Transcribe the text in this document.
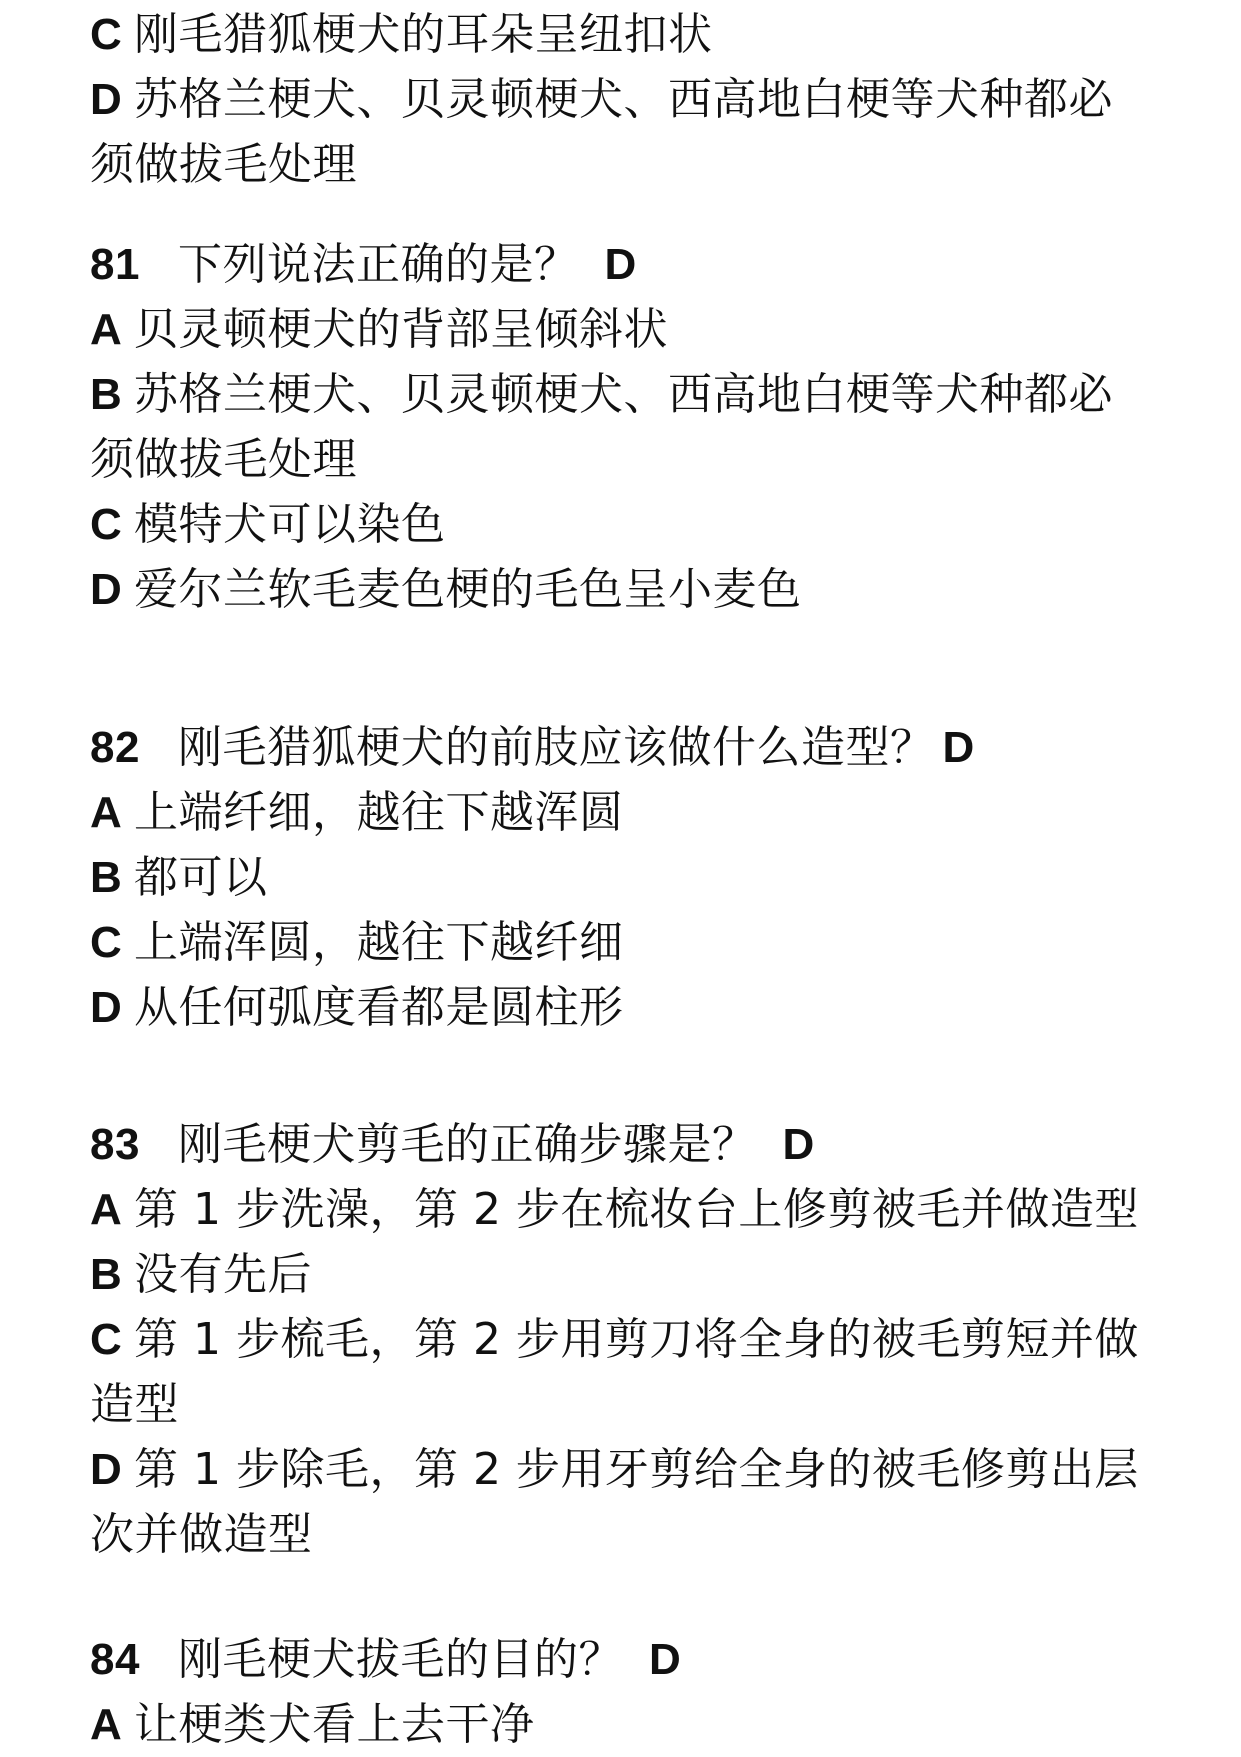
C 刚毛猎狐梗犬的耳朵呈纽扣状
D 苏格兰梗犬、贝灵顿梗犬、西高地白梗等犬种都必
须做拔毛处理
81 下列说法正确的是？ D
A 贝灵顿梗犬的背部呈倾斜状
B 苏格兰梗犬、贝灵顿梗犬、西高地白梗等犬种都必
须做拔毛处理
C 模特犬可以染色
D 爱尔兰软毛麦色梗的毛色呈小麦色
82 刚毛猎狐梗犬的前肢应该做什么造型？ D
A 上端纤细，越往下越浑圆
B 都可以
C 上端浑圆，越往下越纤细
D 从任何弧度看都是圆柱形
83 刚毛梗犬剪毛的正确步骤是？ D
A 第 1 步洗澡，第 2 步在梳妆台上修剪被毛并做造型
B 没有先后
C 第 1 步梳毛，第 2 步用剪刀将全身的被毛剪短并做
造型
D 第 1 步除毛，第 2 步用牙剪给全身的被毛修剪出层
次并做造型
84 刚毛梗犬拔毛的目的？ D
A 让梗类犬看上去干净
